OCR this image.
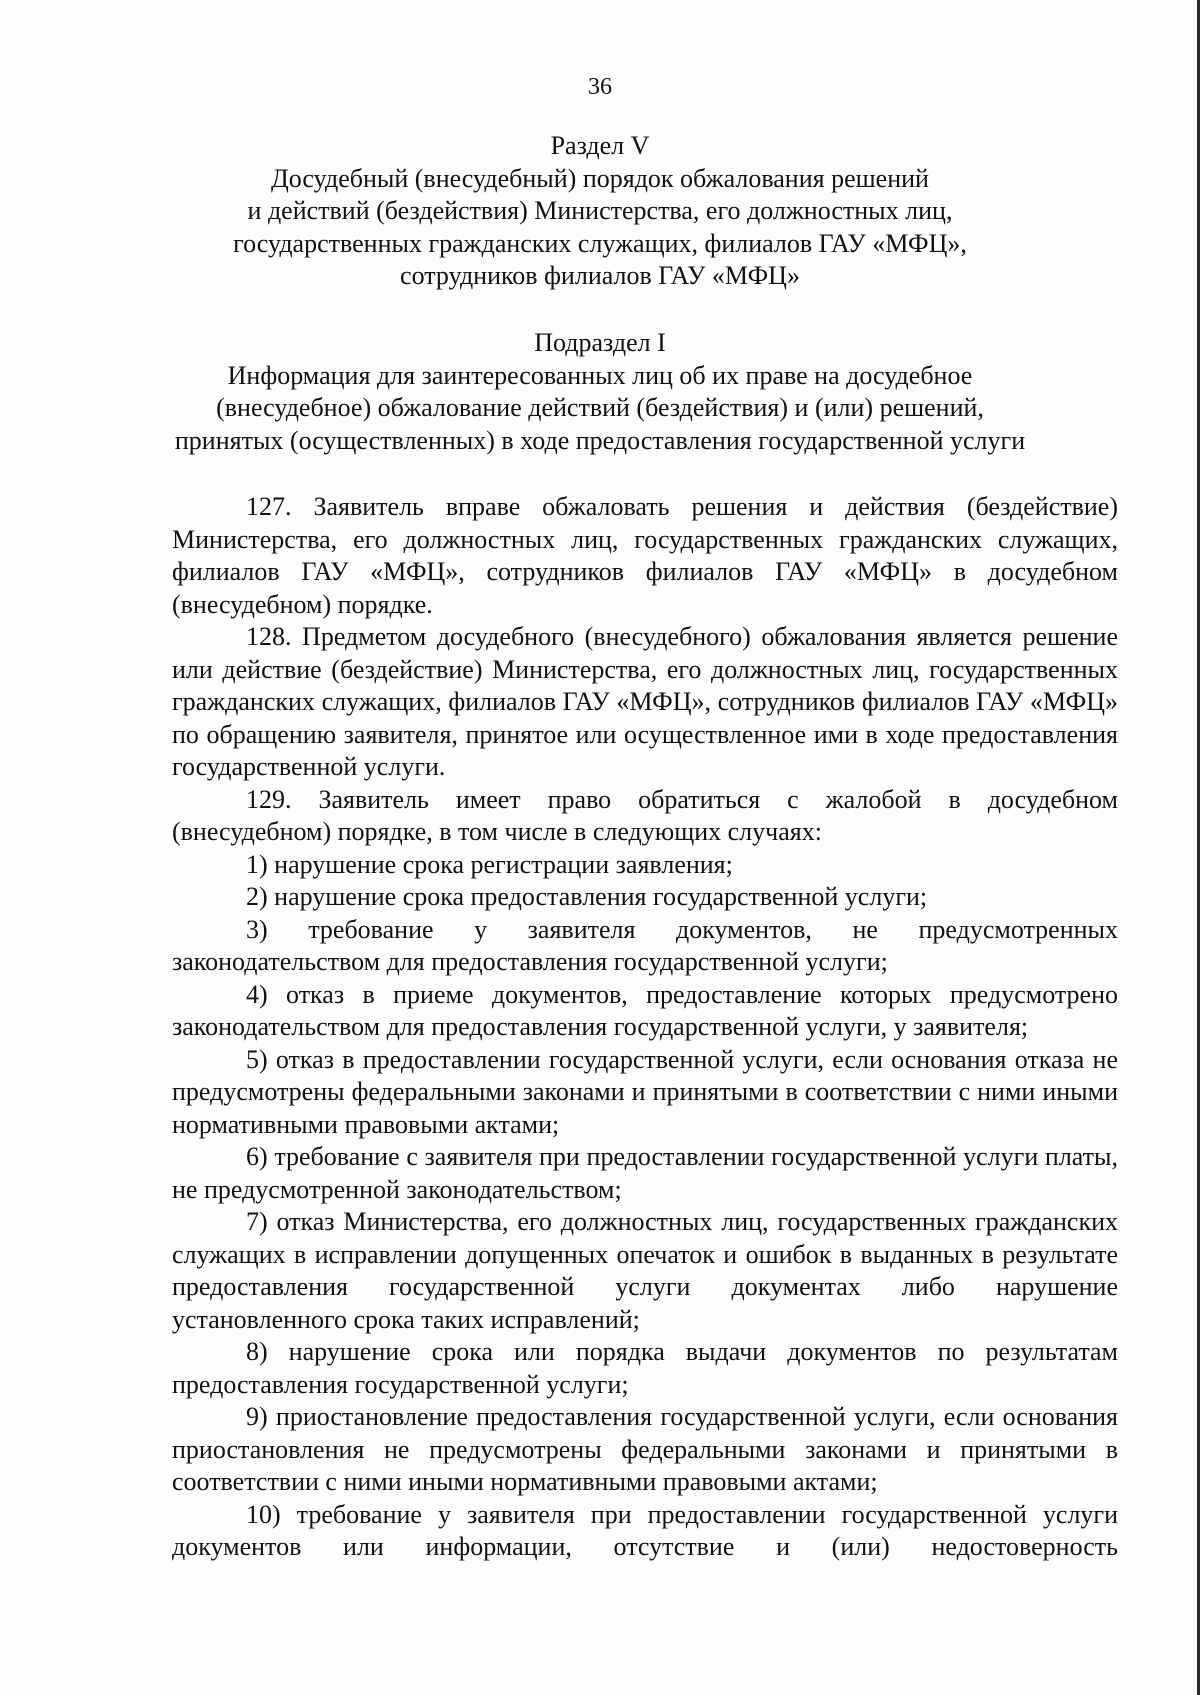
36
Раздел V
Досудебный (внесудебный) порядок обжалования решений
и действий (бездействия) Министерства, его должностных лиц,
государственных гражданских служащих, филиалов ГАУ «МФЦ»,
сотрудников филиалов ГАУ «МФЦ»
Подраздел I
Информация для заинтересованных лиц об их праве на досудебное
(внесудебное) обжалование действий (бездействия) и (или) решений,
принятых (осуществленных) в ходе предоставления государственной услуги

127. Заявитель вправе обжаловать решения и действия (бездействие) Министерства, его должностных лиц, государственных гражданских служащих, филиалов ГАУ «МФЦ», сотрудников филиалов ГАУ «МФЦ» в досудебном (внесудебном) порядке.

128. Предметом досудебного (внесудебного) обжалования является решение или действие (бездействие) Министерства, его должностных лиц, государственных гражданских служащих, филиалов ГАУ «МФЦ», сотрудников филиалов ГАУ «МФЦ» по обращению заявителя, принятое или осуществленное ими в ходе предоставления государственной услуги.

129. Заявитель имеет право обратиться с жалобой в досудебном (внесудебном) порядке, в том числе в следующих случаях:

1) нарушение срока регистрации заявления;

2) нарушение срока предоставления государственной услуги;

3) требование у заявителя документов, не предусмотренных законодательством для предоставления государственной услуги;

4) отказ в приеме документов, предоставление которых предусмотрено законодательством для предоставления государственной услуги, у заявителя;

5) отказ в предоставлении государственной услуги, если основания отказа не предусмотрены федеральными законами и принятыми в соответствии с ними иными нормативными правовыми актами;

6) требование с заявителя при предоставлении государственной услуги платы, не предусмотренной законодательством;

7) отказ Министерства, его должностных лиц, государственных гражданских служащих в исправлении допущенных опечаток и ошибок в выданных в результате предоставления государственной услуги документах либо нарушение установленного срока таких исправлений;

8) нарушение срока или порядка выдачи документов по результатам предоставления государственной услуги;

9) приостановление предоставления государственной услуги, если основания приостановления не предусмотрены федеральными законами и принятыми в соответствии с ними иными нормативными правовыми актами;

10) требование у заявителя при предоставлении государственной услуги документов или информации, отсутствие и (или) недостоверность
